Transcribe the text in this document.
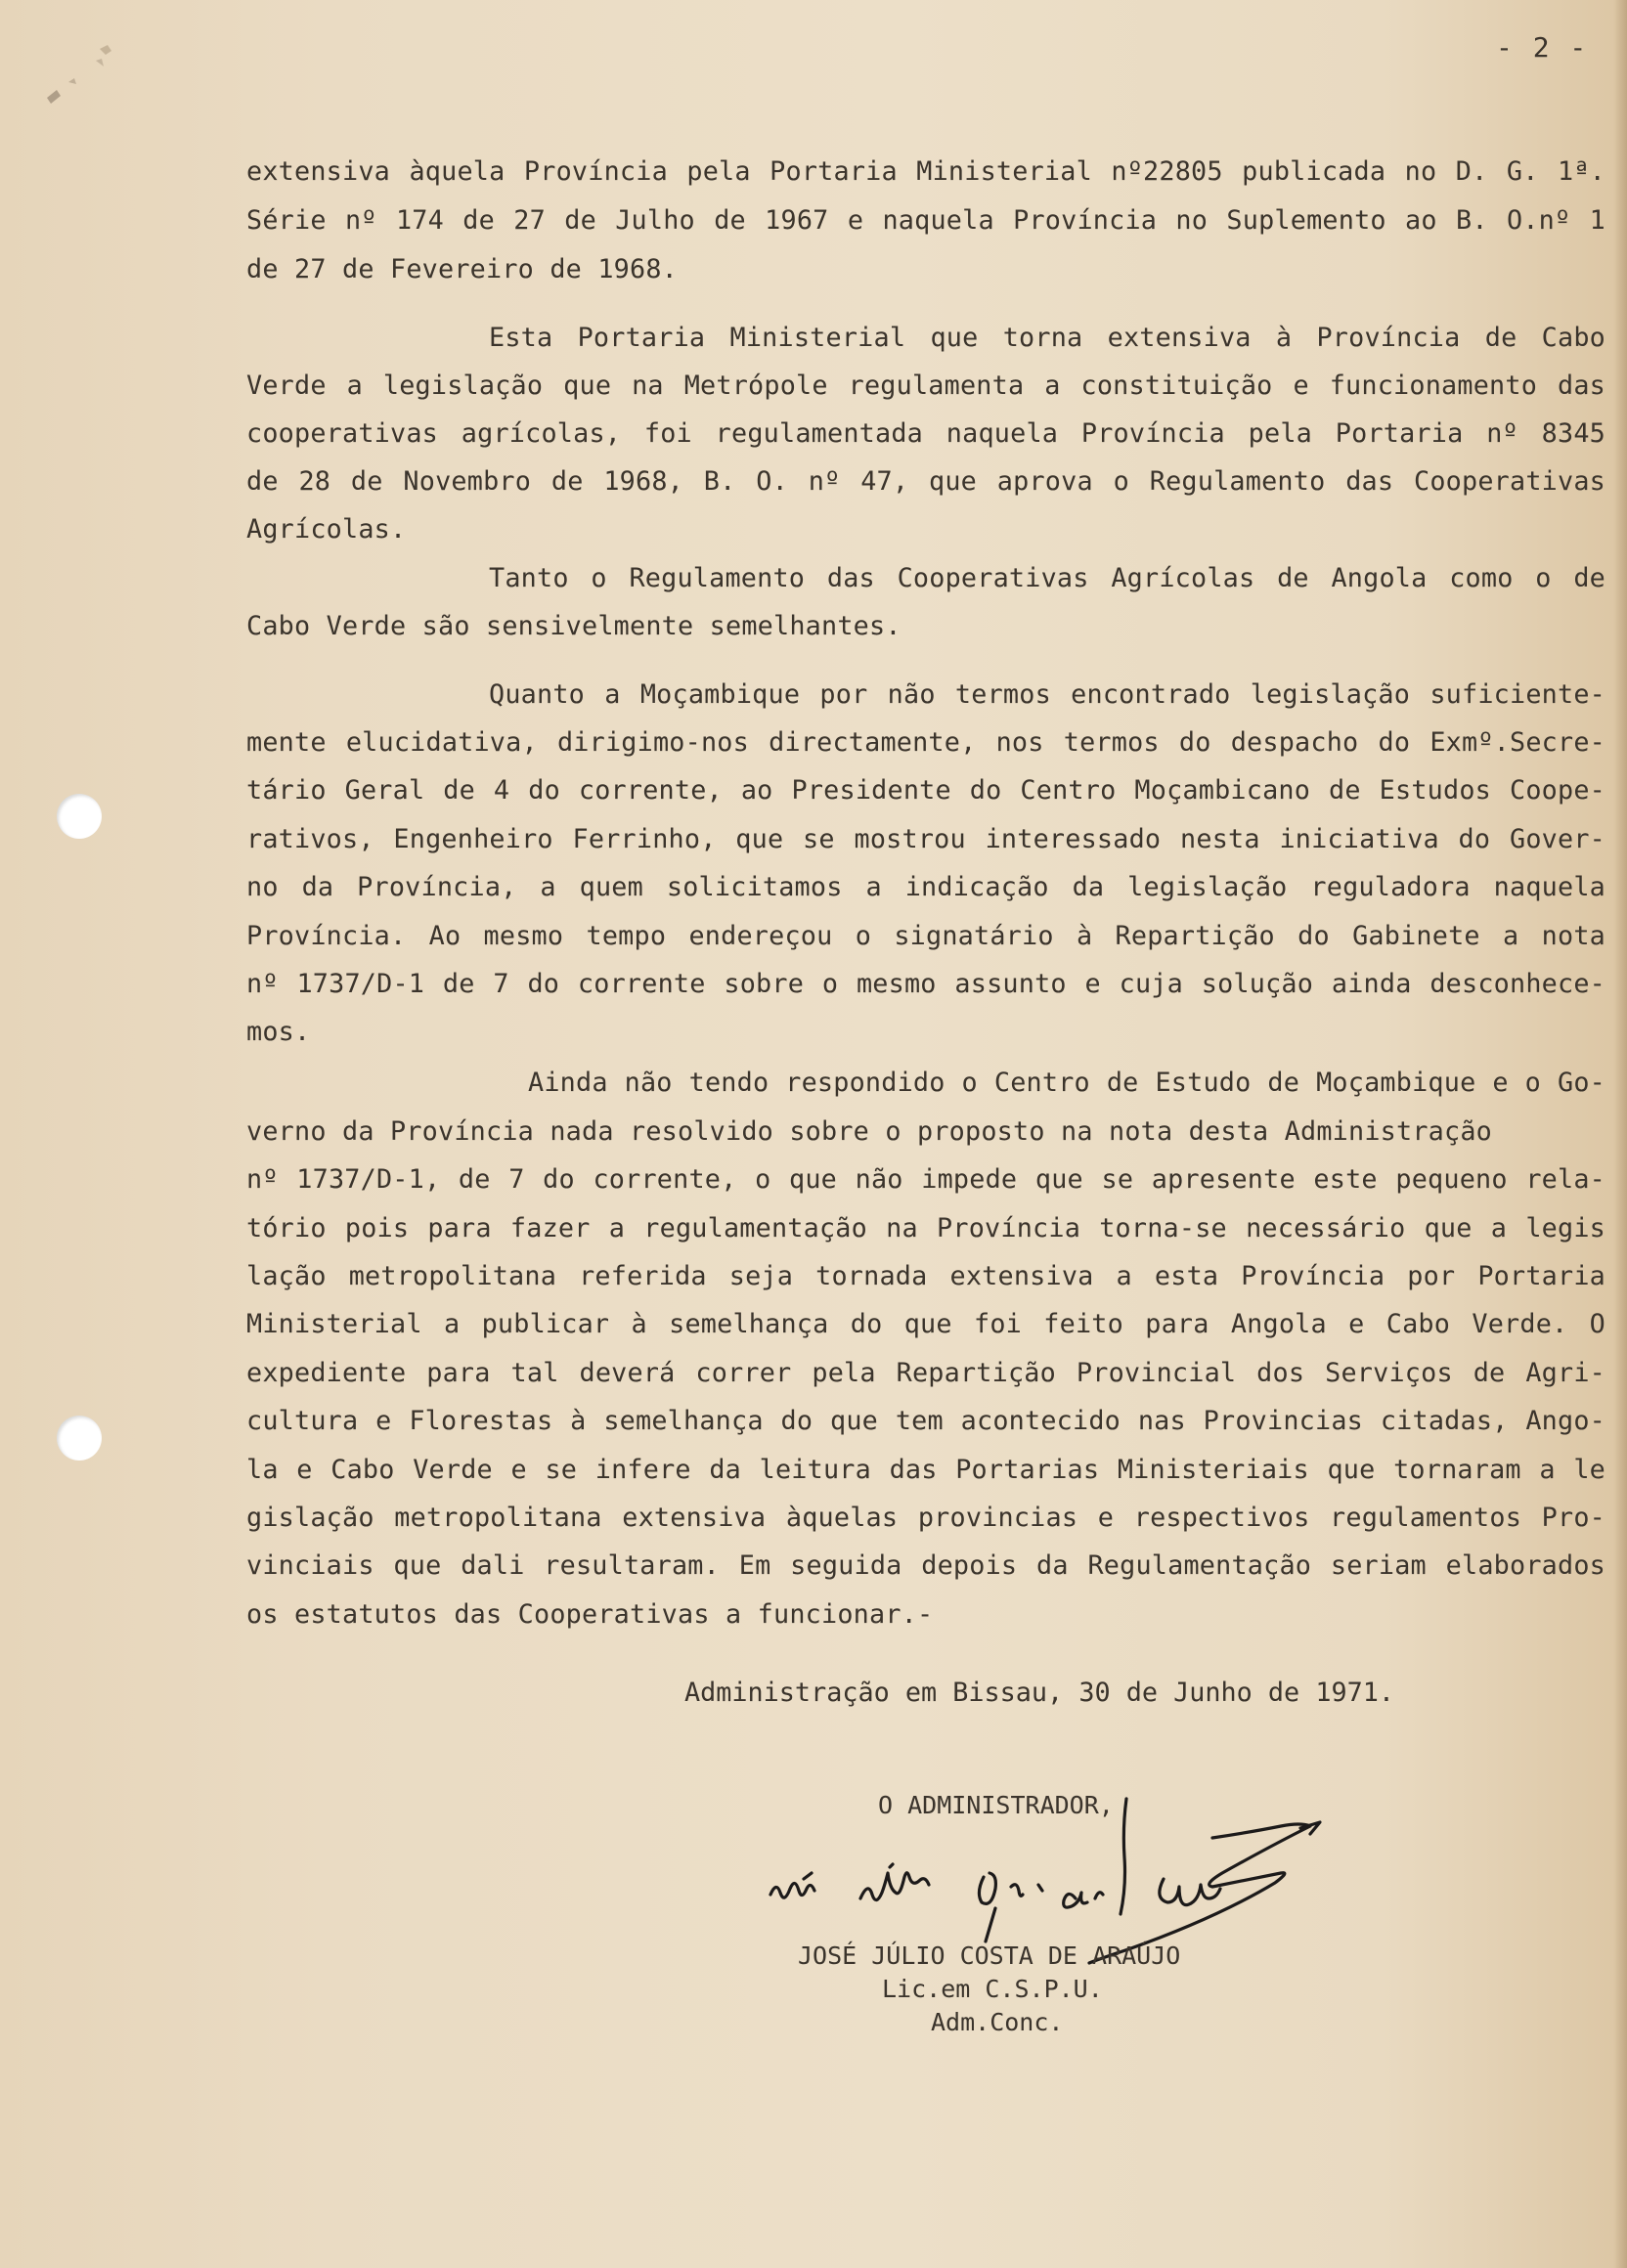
- 2 -
extensiva àquela Província pela Portaria Ministerial nº22805 publicada no D. G. 1ª.
Série nº 174 de 27 de Julho de 1967 e naquela Província no Suplemento ao B. O.nº 1
de 27 de Fevereiro de 1968.
Esta Portaria Ministerial que torna extensiva à Província de Cabo
Verde a legislação que na Metrópole regulamenta a constituição e funcionamento das
cooperativas agrícolas, foi regulamentada naquela Província pela Portaria nº 8345
de 28 de Novembro de 1968, B. O. nº 47, que aprova o Regulamento das Cooperativas
Agrícolas.
Tanto o Regulamento das Cooperativas Agrícolas de Angola como o de
Cabo Verde são sensivelmente semelhantes.
Quanto a Moçambique por não termos encontrado legislação suficiente-
mente elucidativa, dirigimo-nos directamente, nos termos do despacho do Exmº.Secre-
tário Geral de 4 do corrente, ao Presidente do Centro Moçambicano de Estudos Coope-
rativos, Engenheiro Ferrinho, que se mostrou interessado nesta iniciativa do Gover-
no da Província, a quem solicitamos a indicação da legislação reguladora naquela
Província. Ao mesmo tempo endereçou o signatário à Repartição do Gabinete a nota
nº 1737/D-1 de 7 do corrente sobre o mesmo assunto e cuja solução ainda desconhece-
mos.
Ainda não tendo respondido o Centro de Estudo de Moçambique e o Go-
verno da Província nada resolvido sobre o proposto na nota desta Administração
nº 1737/D-1, de 7 do corrente, o que não impede que se apresente este pequeno rela-
tório pois para fazer a regulamentação na Província torna-se necessário que a legis
lação metropolitana referida seja tornada extensiva a esta Província por Portaria
Ministerial a publicar à semelhança do que foi feito para Angola e Cabo Verde. O
expediente para tal deverá correr pela Repartição Provincial dos Serviços de Agri-
cultura e Florestas à semelhança do que tem acontecido nas Provincias citadas, Ango-
la e Cabo Verde e se infere da leitura das Portarias Ministeriais que tornaram a le
gislação metropolitana extensiva àquelas provincias e respectivos regulamentos Pro-
vinciais que dali resultaram. Em seguida depois da Regulamentação seriam elaborados
os estatutos das Cooperativas a funcionar.-
Administração em Bissau, 30 de Junho de 1971.
O ADMINISTRADOR,
JOSÉ JÚLIO COSTA DE ARAÚJO
Lic.em C.S.P.U.
Adm.Conc.
